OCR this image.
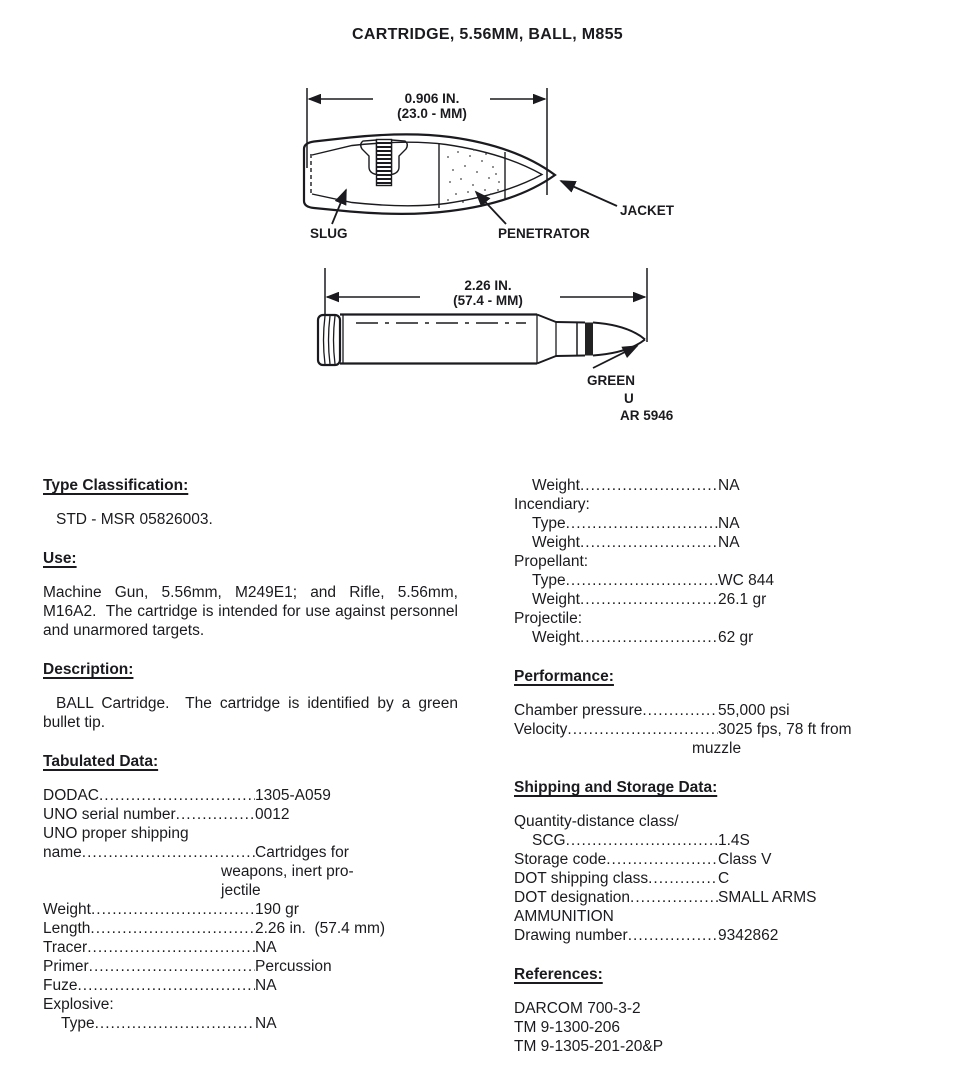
CARTRIDGE, 5.56MM, BALL, M855
0.906 IN.
(23.0 - MM)
SLUG	PENETRATOR
JACKET
2.26 IN.
(57.4 - MM)
GREEN
U
AR 5946
Type Classification:
STD - MSR 05826003.
Use:
Machine Gun, 5.56mm, M249E1; and Rifle, 5.56mm, M16A2.  The cartridge is intended for use against personnel and unarmored targets.
Description:
BALL Cartridge.  The cartridge is identified by a green bullet tip.
Tabulated Data:
DODAC .....	1305-A059
UNO serial number .....	0012
UNO proper shipping
name .....	Cartridges for
weapons, inert pro-
jectile
Weight .....	190 gr
Length .....	2.26 in.  (57.4 mm)
Tracer .....	NA
Primer .....	Percussion
Fuze .....	NA
Explosive:
Type .....	NA
Weight .....	NA
Incendiary:
Type .....	NA
Weight .....	NA
Propellant:
Type .....	WC 844
Weight .....	26.1 gr
Projectile:
Weight .....	62 gr
Performance:
Chamber pressure .....	55,000 psi
Velocity .....	3025 fps, 78 ft from
muzzle
Shipping and Storage Data:
Quantity-distance class/
SCG .....	1.4S
Storage code .....	Class V
DOT shipping class .....	C
DOT designation .....	SMALL ARMS
AMMUNITION
Drawing number .....	9342862
References:
DARCOM 700-3-2
TM 9-1300-206
TM 9-1305-201-20&P
